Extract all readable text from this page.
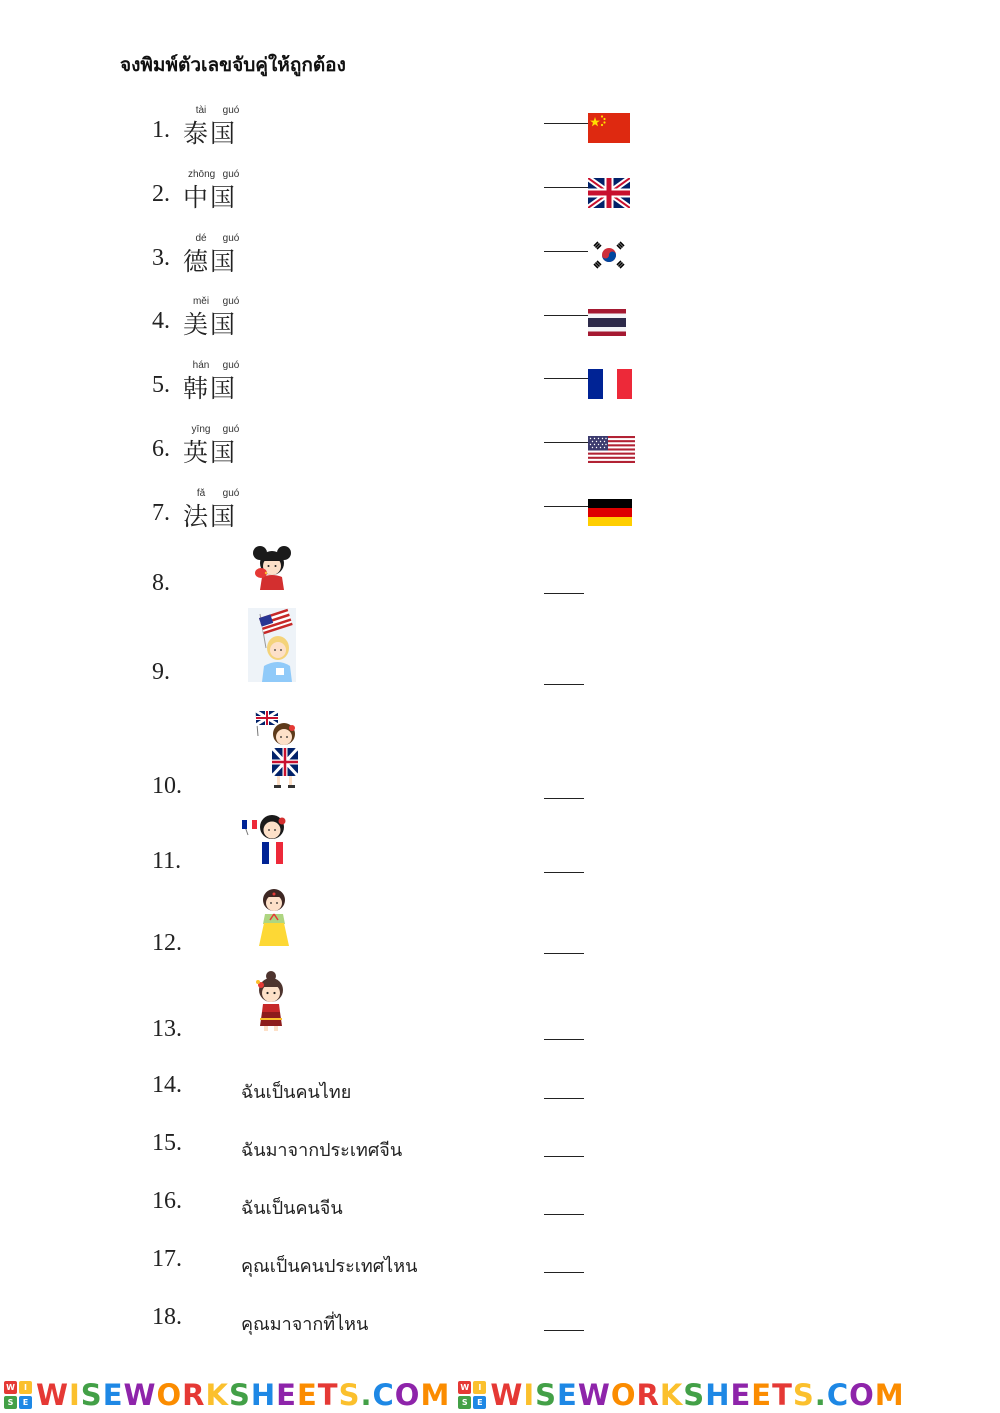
จงพิมพ์ตัวเลขจับคู่ให้ถูกต้อง
tài	guó
1. 泰国
zhōng guó
2. 中国
dé	guó
3. 德国
měi	guó
4. 美国
hán	guó
5. 韩国
yīng	guó
6. 英国
fǎ	guó
7. 法国
8.
9.
10.
11.
12.
13.
14.	ฉันเป็นคนไทย
15.	ฉันมาจากประเทศจีน
16.	ฉันเป็นคนจีน
17.	คุณเป็นคนประเทศไหน
18.	คุณมาจากที่ไหน
W	I
S	E WISEWORKSHEETS.COM W	I
S	E WISEWORKSHEETS.COM
